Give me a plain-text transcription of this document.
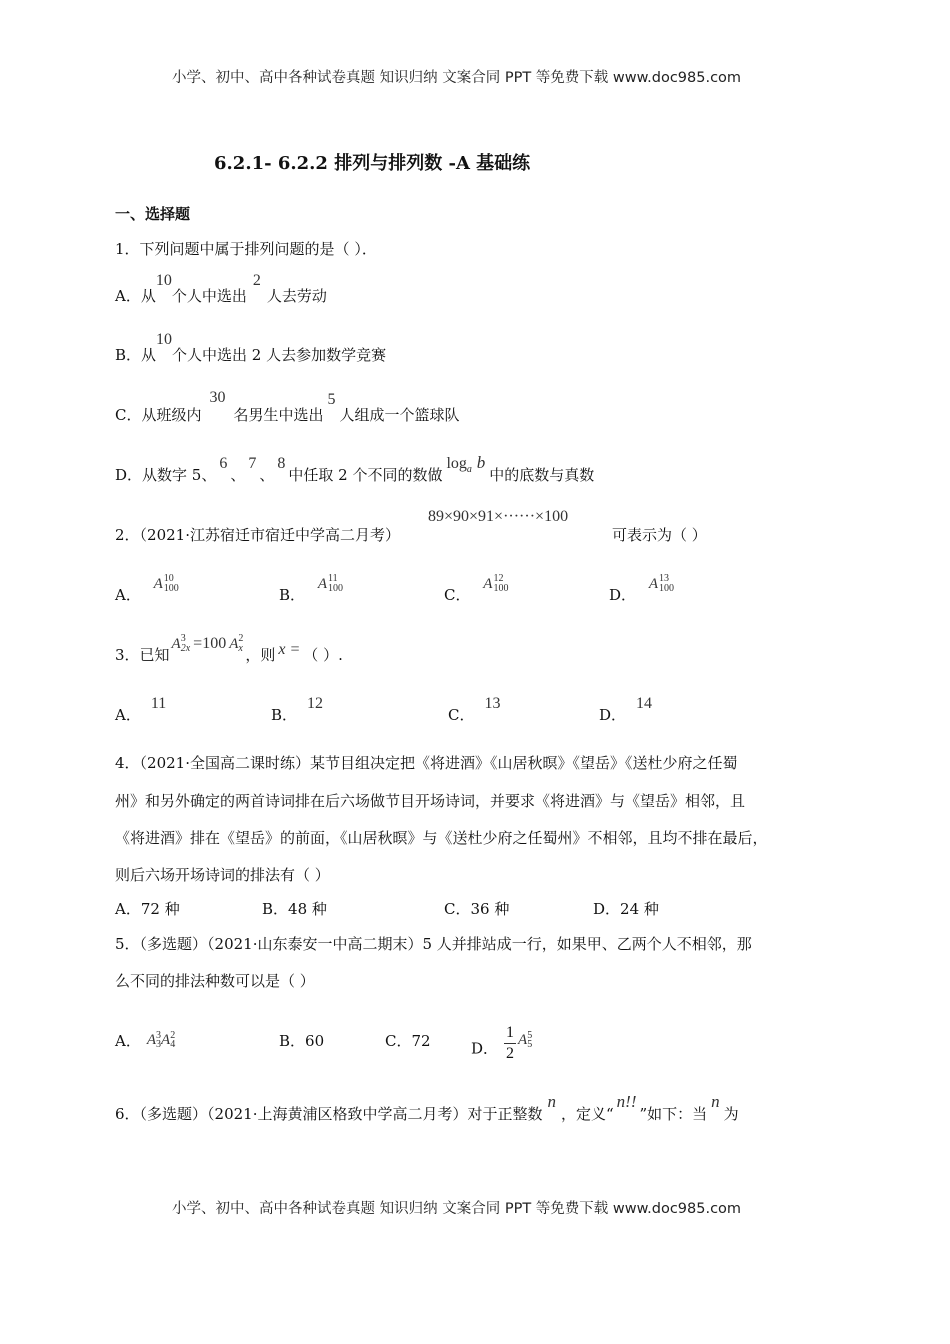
小学、初中、高中各种试卷真题 知识归纳 文案合同 PPT 等免费下载 www.doc985.com
6.2.1- 6.2.2 排列与排列数 -A 基础练
一、选择题
1．下列问题中属于排列问题的是（ ）．
A．从10个人中选出2人去劳动
B．从10个人中选出 2 人去参加数学竞赛
C．从班级内30名男生中选出5人组成一个篮球队
D．从数字 5、6、7、8中任取 2 个不同的数做$\log_a b$中的底数与真数
2．（2021·江苏宿迁市宿迁中学高二月考）
89×90×91×······×100
可表示为（ ）
A． A 10
100	B． A 11
100	C． A 12
100	D． A 13
100
3．已知A 3
2x =100 A 2
x ，则 x = （ ）.
A．11
B．12
C．13
D．14
4．（2021·全国高二课时练）某节目组决定把《将进酒》《山居秋暝》《望岳》《送杜少府之任蜀
州》和另外确定的两首诗词排在后六场做节目开场诗词，并要求《将进酒》与《望岳》相邻，且
《将进酒》排在《望岳》的前面，《山居秋暝》与《送杜少府之任蜀州》不相邻，且均不排在最后，
则后六场开场诗词的排法有（ ）
A．72 种	B．48 种	C．36 种	D．24 种
5．（多选题）（2021·山东泰安一中高二期末）5 人并排站成一行，如果甲、乙两个人不相邻，那
么不同的排法种数可以是（ ）
A． A 3
3 A 2
4	B．60	C．72	D． $\frac{1}{2}$ A 5
5
6．（多选题）（2021·上海黄浦区格致中学高二月考）对于正整数n，定义“n!!”如下：当n为
小学、初中、高中各种试卷真题 知识归纳 文案合同 PPT 等免费下载 www.doc985.com
